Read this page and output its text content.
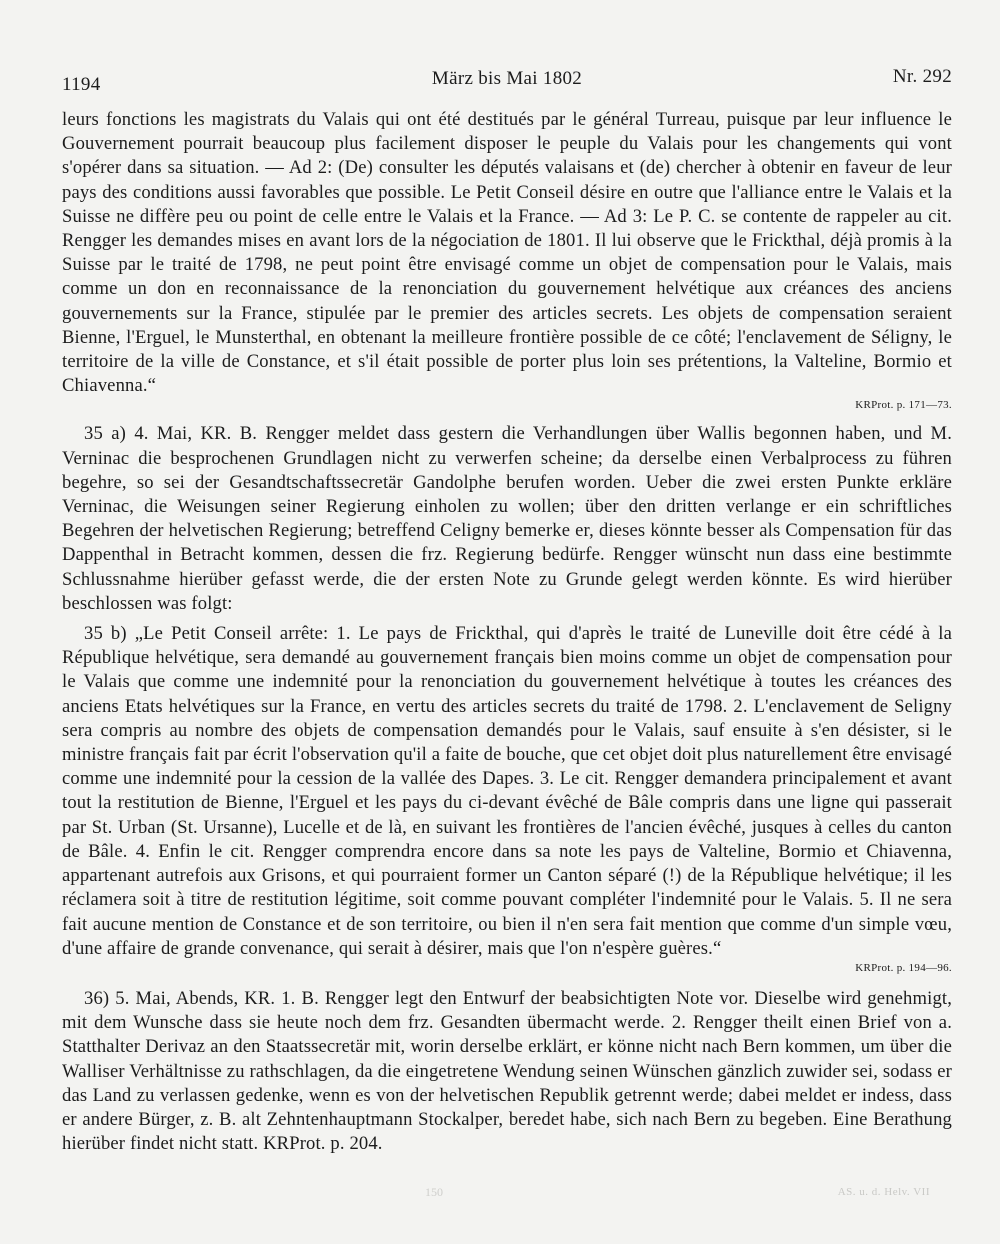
1194	März bis Mai 1802	Nr. 292

leurs fonctions les magistrats du Valais qui ont été destitués par le général Turreau, puisque par leur influence le Gouvernement pourrait beaucoup plus facilement disposer le peuple du Valais pour les changements qui vont s'opérer dans sa situation. — Ad 2: (De) consulter les députés valaisans et (de) chercher à obtenir en faveur de leur pays des conditions aussi favorables que possible. Le Petit Conseil désire en outre que l'alliance entre le Valais et la Suisse ne diffère peu ou point de celle entre le Valais et la France. — Ad 3: Le P. C. se contente de rappeler au cit. Rengger les demandes mises en avant lors de la négociation de 1801. Il lui observe que le Frickthal, déjà promis à la Suisse par le traité de 1798, ne peut point être envisagé comme un objet de compensation pour le Valais, mais comme un don en reconnaissance de la renonciation du gouvernement helvétique aux créances des anciens gouvernements sur la France, stipulée par le premier des articles secrets. Les objets de compensation seraient Bienne, l'Erguel, le Munsterthal, en obtenant la meilleure frontière possible de ce côté; l'enclavement de Séligny, le territoire de la ville de Constance, et s'il était possible de porter plus loin ses prétentions, la Valteline, Bormio et Chiavenna.“

KRProt. p. 171—73.

35 a) 4. Mai, KR. B. Rengger meldet dass gestern die Verhandlungen über Wallis begonnen haben, und M. Verninac die besprochenen Grundlagen nicht zu verwerfen scheine; da derselbe einen Verbalprocess zu führen begehre, so sei der Gesandtschaftssecretär Gandolphe berufen worden. Ueber die zwei ersten Punkte erkläre Verninac, die Weisungen seiner Regierung einholen zu wollen; über den dritten verlange er ein schriftliches Begehren der helvetischen Regierung; betreffend Celigny bemerke er, dieses könnte besser als Compensation für das Dappenthal in Betracht kommen, dessen die frz. Regierung bedürfe. Rengger wünscht nun dass eine bestimmte Schlussnahme hierüber gefasst werde, die der ersten Note zu Grunde gelegt werden könnte. Es wird hierüber beschlossen was folgt:

35 b) „Le Petit Conseil arrête: 1. Le pays de Frickthal, qui d'après le traité de Luneville doit être cédé à la République helvétique, sera demandé au gouvernement français bien moins comme un objet de compensation pour le Valais que comme une indemnité pour la renonciation du gouvernement helvétique à toutes les créances des anciens Etats helvétiques sur la France, en vertu des articles secrets du traité de 1798. 2. L'enclavement de Seligny sera compris au nombre des objets de compensation demandés pour le Valais, sauf ensuite à s'en désister, si le ministre français fait par écrit l'observation qu'il a faite de bouche, que cet objet doit plus naturellement être envisagé comme une indemnité pour la cession de la vallée des Dapes. 3. Le cit. Rengger demandera principalement et avant tout la restitution de Bienne, l'Erguel et les pays du ci-devant évêché de Bâle compris dans une ligne qui passerait par St. Urban (St. Ursanne), Lucelle et de là, en suivant les frontières de l'ancien évêché, jusques à celles du canton de Bâle. 4. Enfin le cit. Rengger comprendra encore dans sa note les pays de Valteline, Bormio et Chiavenna, appartenant autrefois aux Grisons, et qui pourraient former un Canton séparé (!) de la République helvétique; il les réclamera soit à titre de restitution légitime, soit comme pouvant compléter l'indemnité pour le Valais. 5. Il ne sera fait aucune mention de Constance et de son territoire, ou bien il n'en sera fait mention que comme d'un simple vœu, d'une affaire de grande convenance, qui serait à désirer, mais que l'on n'espère guères.“

KRProt. p. 194—96.

36) 5. Mai, Abends, KR. 1. B. Rengger legt den Entwurf der beabsichtigten Note vor. Dieselbe wird genehmigt, mit dem Wunsche dass sie heute noch dem frz. Gesandten übermacht werde. 2. Rengger theilt einen Brief von a. Statthalter Derivaz an den Staatssecretär mit, worin derselbe erklärt, er könne nicht nach Bern kommen, um über die Walliser Verhältnisse zu rathschlagen, da die eingetretene Wendung seinen Wünschen gänzlich zuwider sei, sodass er das Land zu verlassen gedenke, wenn es von der helvetischen Republik getrennt werde; dabei meldet er indess, dass er andere Bürger, z. B. alt Zehntenhauptmann Stockalper, beredet habe, sich nach Bern zu begeben. Eine Berathung hierüber findet nicht statt. KRProt. p. 204.

150	AS. u. d. Helv. VII
